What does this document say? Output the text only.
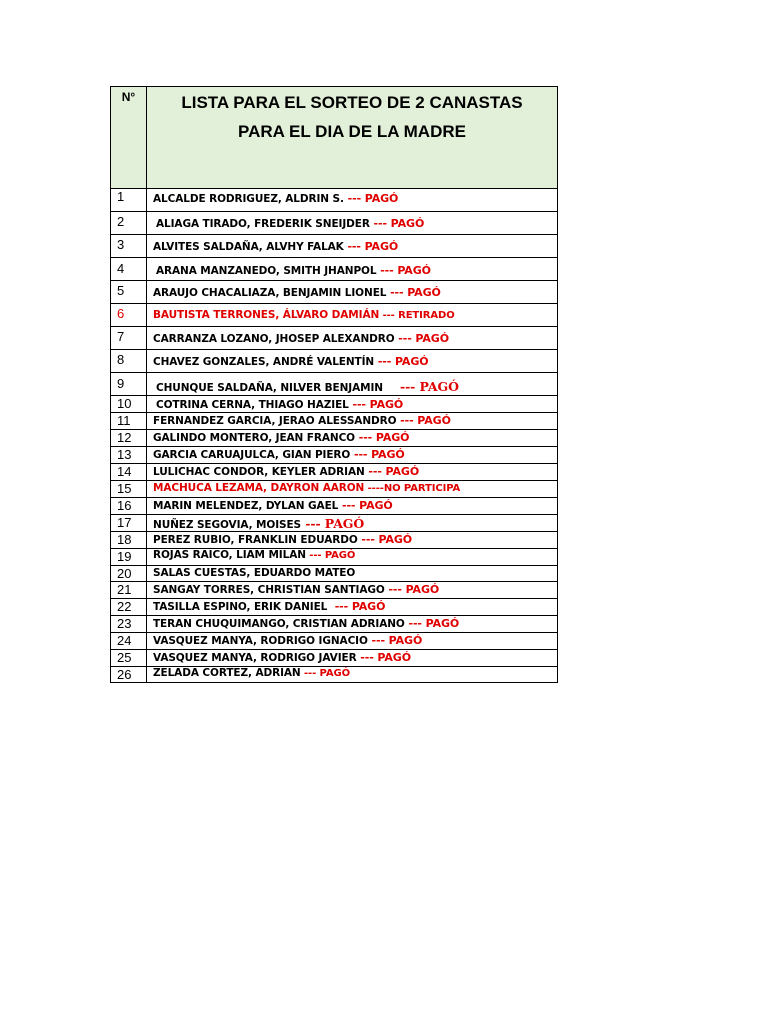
N°	LISTA PARA EL SORTEO DE 2 CANASTAS
PARA EL DIA DE LA MADRE

1	ALCALDE RODRIGUEZ, ALDRIN S. --- PAGÓ
2	ALIAGA TIRADO, FREDERIK SNEIJDER --- PAGÓ
3	ALVITES SALDAÑA, ALVHY FALAK --- PAGÓ
4	ARANA MANZANEDO, SMITH JHANPOL --- PAGÓ
5	ARAUJO CHACALIAZA, BENJAMIN LIONEL --- PAGÓ
6	BAUTISTA TERRONES, ÁLVARO DAMIÁN --- RETIRADO
7	CARRANZA LOZANO, JHOSEP ALEXANDRO --- PAGÓ
8	CHAVEZ GONZALES, ANDRÉ VALENTÍN --- PAGÓ
9	CHUNQUE SALDAÑA, NILVER BENJAMIN    --- PAGÓ
10	COTRINA CERNA, THIAGO HAZIEL --- PAGÓ
11	FERNANDEZ GARCIA, JERAO ALESSANDRO --- PAGÓ
12	GALINDO MONTERO, JEAN FRANCO --- PAGÓ
13	GARCIA CARUAJULCA, GIAN PIERO --- PAGÓ
14	LULICHAC CONDOR, KEYLER ADRIAN --- PAGÓ
15	MACHUCA LEZAMA, DAYRON AARON ----NO PARTICIPA
16	MARIN MELENDEZ, DYLAN GAEL --- PAGÓ
17	NUÑEZ SEGOVIA, MOISES --- PAGÓ
18	PEREZ RUBIO, FRANKLIN EDUARDO --- PAGÓ
19	ROJAS RAICO, LIAM MILAN --- PAGÓ
20	SALAS CUESTAS, EDUARDO MATEO
21	SANGAY TORRES, CHRISTIAN SANTIAGO --- PAGÓ
22	TASILLA ESPINO, ERIK DANIEL  --- PAGÓ
23	TERAN CHUQUIMANGO, CRISTIAN ADRIANO --- PAGÓ
24	VASQUEZ MANYA, RODRIGO IGNACIO --- PAGÓ
25	VASQUEZ MANYA, RODRIGO JAVIER --- PAGÓ
26	ZELADA CORTEZ, ADRIAN --- PAGÓ
